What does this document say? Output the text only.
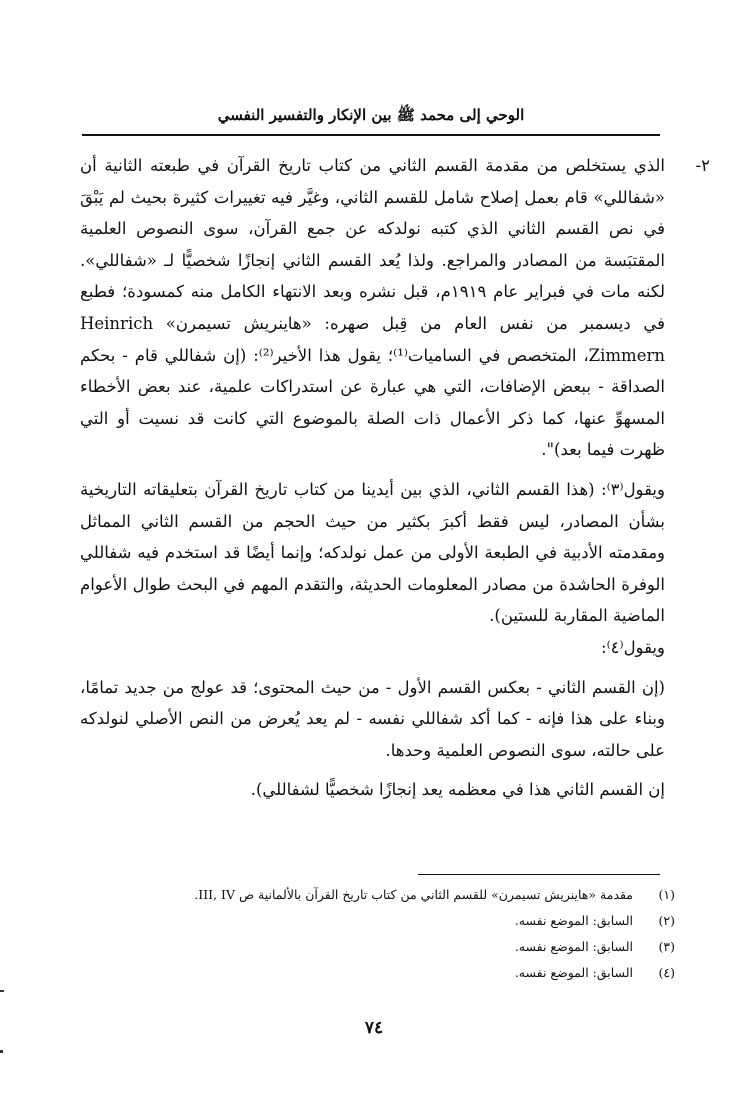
الوحي إلى محمد ﷺ بين الإنكار والتفسير النفسي
٢-

الذي يستخلص من مقدمة القسم الثاني من كتاب تاريخ القرآن في طبعته الثانية أن «شفاللي» قام بعمل إصلاح شامل للقسم الثاني، وغيَّر فيه تغييرات كثيرة بحيث لم يَبْقَ في نص القسم الثاني الذي كتبه نولدكه عن جمع القرآن، سوى النصوص العلمية المقتبَسة من المصادر والمراجع. ولذا يُعد القسم الثاني إنجازًا شخصيًّا لـ «شفاللي». لكنه مات في فبراير عام ١٩١٩م، قبل نشره وبعد الانتهاء الكامل منه كمسودة؛ فطبع في ديسمبر من نفس العام من قِبل صهره: «هاينريش تسيمرن» Heinrich Zimmern، المتخصص في الساميات⁽¹⁾؛ يقول هذا الأخير⁽²⁾: (إن شفاللي قام - بحكم الصداقة - ببعض الإضافات، التي هي عبارة عن استدراكات علمية، عند بعض الأخطاء المسهوِّ عنها، كما ذكر الأعمال ذات الصلة بالموضوع التي كانت قد نسيت أو التي ظهرت فيما بعد)".

ويقول⁽٣⁾: (هذا القسم الثاني، الذي بين أيدينا من كتاب تاريخ القرآن بتعليقاته التاريخية بشأن المصادر، ليس فقط أكبرَ بكثير من حيث الحجم من القسم الثاني المماثل ومقدمته الأدبية في الطبعة الأولى من عمل نولدكه؛ وإنما أيضًا قد استخدم فيه شفاللي الوفرة الحاشدة من مصادر المعلومات الحديثة، والتقدم المهم في البحث طوال الأعوام الماضية المقاربة للستين).

ويقول⁽٤⁾:

(إن القسم الثاني - بعكس القسم الأول - من حيث المحتوى؛ قد عولج من جديد تمامًا، وبناء على هذا فإنه - كما أكد شفاللي نفسه - لم يعد يُعرض من النص الأصلي لنولدكه على حالته، سوى النصوص العلمية وحدها.

إن القسم الثاني هذا في معظمه يعد إنجازًا شخصيًّا لشفاللي).

(١)
مقدمة «هاينريش تسيمرن» للقسم الثاني من كتاب تاريخ القرآن بالألمانية ص III, IV.
(٢)
السابق: الموضع نفسه.
(٣)
السابق: الموضع نفسه.
(٤)
السابق: الموضع نفسه.
٧٤
